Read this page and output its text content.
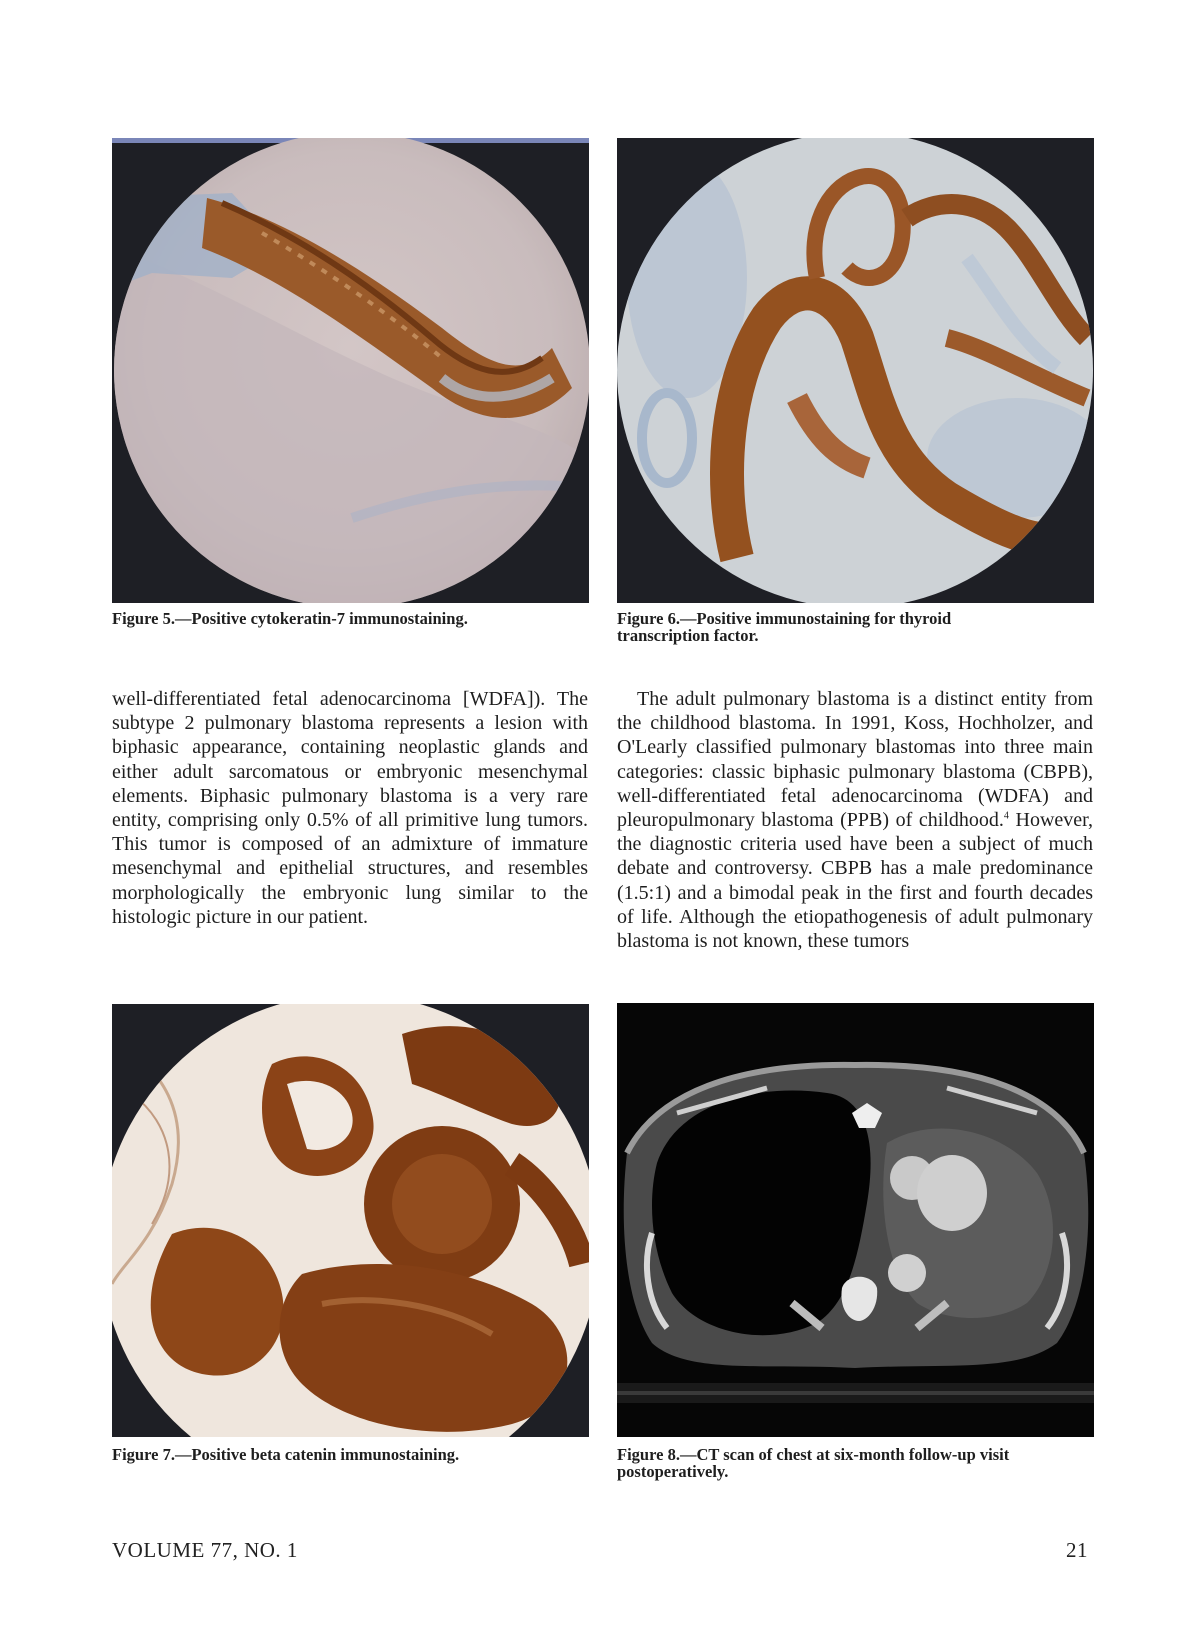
Figure 5.—Positive cytokeratin-7 immunostaining.	Figure 6.—Positive immunostaining for thyroid transcription factor.

well-differentiated fetal adenocarcinoma [WDFA]). The subtype 2 pulmonary blastoma represents a lesion with biphasic appearance, containing neoplastic glands and either adult sarcomatous or embryonic mesenchymal elements. Biphasic pulmonary blastoma is a very rare entity, comprising only 0.5% of all primitive lung tumors. This tumor is composed of an admixture of immature mesenchymal and epithelial structures, and resembles morphologically the embryonic lung similar to the histologic picture in our patient.

The adult pulmonary blastoma is a distinct entity from the childhood blastoma. In 1991, Koss, Hochholzer, and O'Learly classified pulmonary blastomas into three main categories: classic biphasic pulmonary blastoma (CBPB), well-differentiated fetal adenocarcinoma (WDFA) and pleuropulmonary blastoma (PPB) of childhood.$^4$ However, the diagnostic criteria used have been a subject of much debate and controversy. CBPB has a male predominance (1.5:1) and a bimodal peak in the first and fourth decades of life. Although the etiopathogenesis of adult pulmonary blastoma is not known, these tumors

Figure 7.—Positive beta catenin immunostaining.	Figure 8.—CT scan of chest at six-month follow-up visit postoperatively.
VOLUME 77, NO. 1	21
